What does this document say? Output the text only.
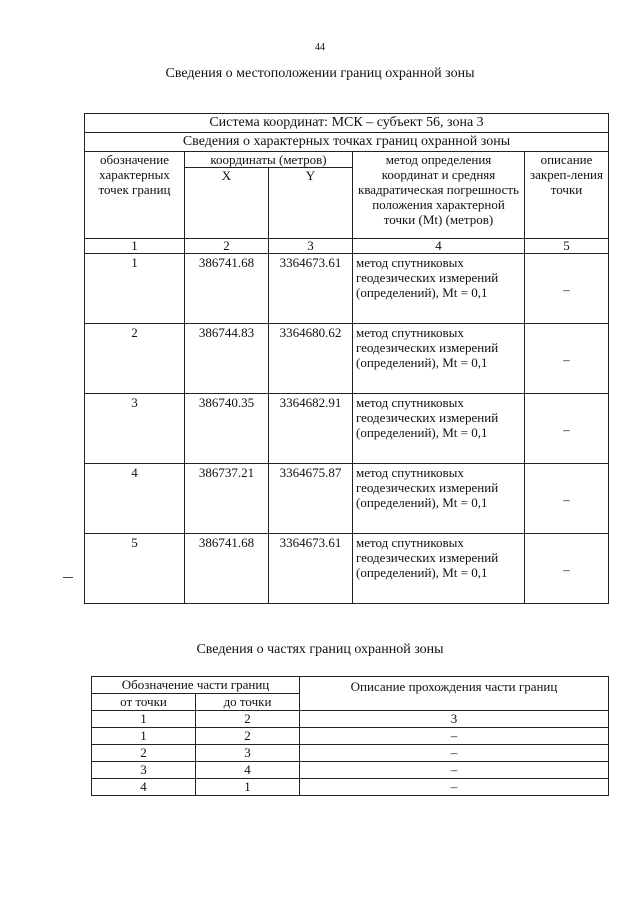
44
Сведения о местоположении границ охранной зоны
Система координат: МСК – субъект 56, зона 3				
Сведения о характерных точках границ охранной зоны				
обозначение характерных точек границ	координаты (метров)		метод определения координат и средняя квадратическая погрешность положения характерной точки (Mt) (метров)	описание закреп-ления точки
	X	Y		
1	2	3	4	5
1	386741.68	3364673.61	метод спутниковых геодезических измерений (определений), Mt = 0,1	–
2	386744.83	3364680.62	метод спутниковых геодезических измерений (определений), Mt = 0,1	–
3	386740.35	3364682.91	метод спутниковых геодезических измерений (определений), Mt = 0,1	–
4	386737.21	3364675.87	метод спутниковых геодезических измерений (определений), Mt = 0,1	–
5	386741.68	3364673.61	метод спутниковых геодезических измерений (определений), Mt = 0,1	–
Сведения о частях границ охранной зоны
Обозначение части границ		Описание прохождения части границ
от точки	до точки	
1	2	3
1	2	–
2	3	–
3	4	–
4	1	–
